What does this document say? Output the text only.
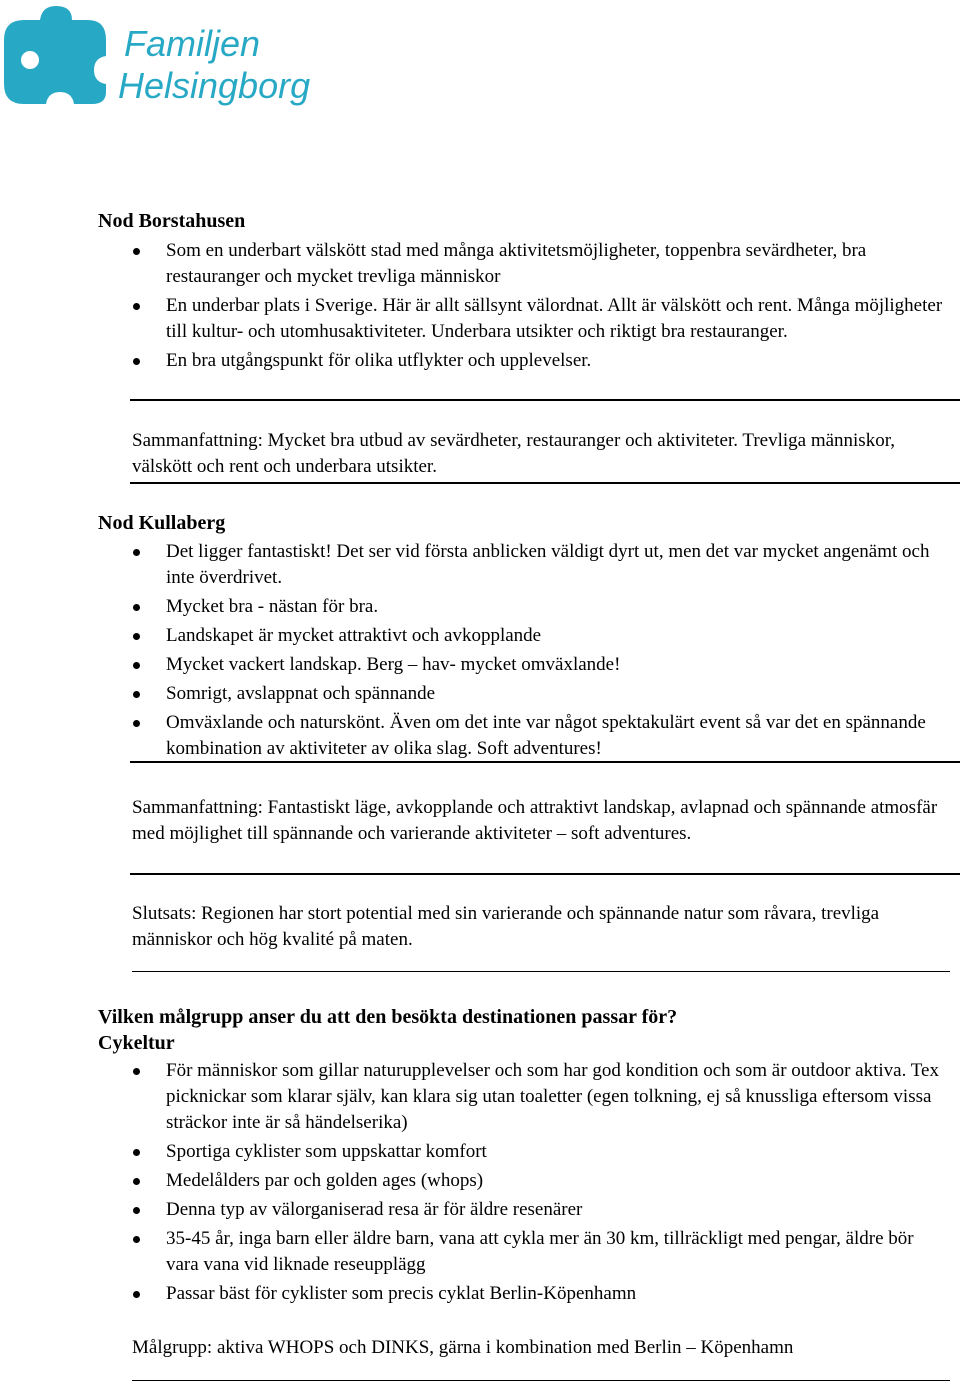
Familjen
Helsingborg
Nod Borstahusen
Som en underbart välskött stad med många aktivitetsmöjligheter, toppenbra sevärdheter, bra restauranger och mycket trevliga människor
En underbar plats i Sverige. Här är allt sällsynt välordnat. Allt är välskött och rent. Många möjligheter till kultur- och utomhusaktiviteter. Underbara utsikter och riktigt bra restauranger.
En bra utgångspunkt för olika utflykter och upplevelser.

Sammanfattning: Mycket bra utbud av sevärdheter, restauranger och aktiviteter. Trevliga människor, välskött och rent och underbara utsikter.

Nod Kullaberg
Det ligger fantastiskt! Det ser vid första anblicken väldigt dyrt ut, men det var mycket angenämt och inte överdrivet.
Mycket bra - nästan för bra.
Landskapet är mycket attraktivt och avkopplande
Mycket vackert landskap. Berg – hav- mycket omväxlande!
Somrigt, avslappnat och spännande
Omväxlande och naturskönt. Även om det inte var något spektakulärt event så var det en spännande kombination av aktiviteter av olika slag. Soft adventures!

Sammanfattning: Fantastiskt läge, avkopplande och attraktivt landskap, avlapnad och spännande atmosfär med möjlighet till spännande och varierande aktiviteter – soft adventures.

Slutsats: Regionen har stort potential med sin varierande och spännande natur som råvara, trevliga människor och hög kvalité på maten.

Vilken målgrupp anser du att den besökta destinationen passar för?
Cykeltur
För människor som gillar naturupplevelser och som har god kondition och som är outdoor aktiva. Tex picknickar som klarar själv, kan klara sig utan toaletter (egen tolkning, ej så knussliga eftersom vissa sträckor inte är så händelserika)
Sportiga cyklister som uppskattar komfort
Medelålders par och golden ages (whops)
Denna typ av välorganiserad resa är för äldre resenärer
35-45 år, inga barn eller äldre barn, vana att cykla mer än 30 km, tillräckligt med pengar, äldre bör vara vana vid liknade reseupplägg
Passar bäst för cyklister som precis cyklat Berlin-Köpenhamn

Målgrupp: aktiva WHOPS och DINKS, gärna i kombination med Berlin – Köpenhamn
